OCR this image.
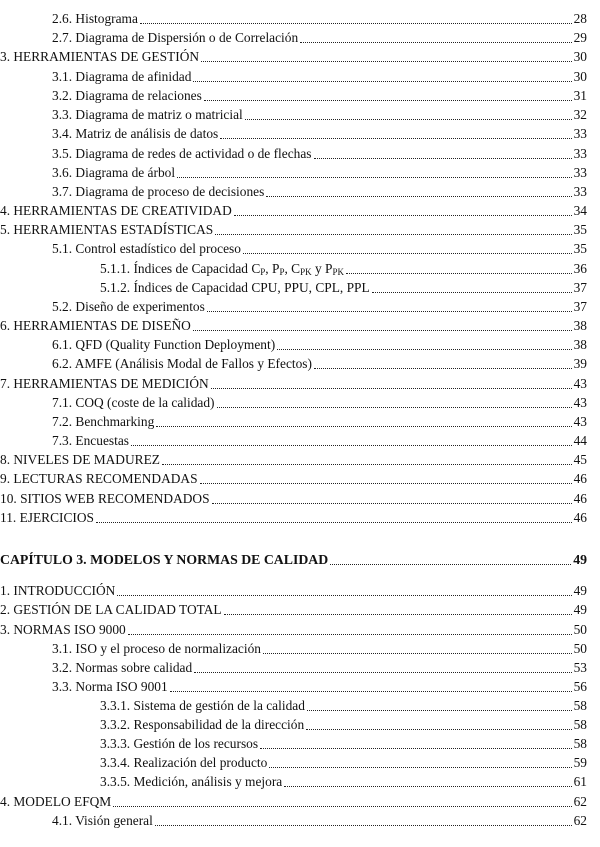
2.6. Histograma	28
2.7. Diagrama de Dispersión o de Correlación	29
3. HERRAMIENTAS DE GESTIÓN	30
3.1. Diagrama de afinidad	30
3.2. Diagrama de relaciones	31
3.3. Diagrama de matriz o matricial	32
3.4. Matriz de análisis de datos	33
3.5. Diagrama de redes de actividad o de flechas	33
3.6. Diagrama de árbol	33
3.7. Diagrama de proceso de decisiones	33
4. HERRAMIENTAS DE CREATIVIDAD	34
5. HERRAMIENTAS ESTADÍSTICAS	35
5.1. Control estadístico del proceso	35
5.1.1. Índices de Capacidad $C_P$, $P_P$, $C_{PK}$ y $P_{PK}$	36
5.1.2. Índices de Capacidad CPU, PPU, CPL, PPL	37
5.2. Diseño de experimentos	37
6. HERRAMIENTAS DE DISEÑO	38
6.1. QFD (Quality Function Deployment)	38
6.2. AMFE (Análisis Modal de Fallos y Efectos)	39
7. HERRAMIENTAS DE MEDICIÓN	43
7.1. COQ (coste de la calidad)	43
7.2. Benchmarking	43
7.3. Encuestas	44
8. NIVELES DE MADUREZ	45
9. LECTURAS RECOMENDADAS	46
10. SITIOS WEB RECOMENDADOS	46
11. EJERCICIOS	46
CAPÍTULO 3. MODELOS Y NORMAS DE CALIDAD	49
1. INTRODUCCIÓN	49
2. GESTIÓN DE LA CALIDAD TOTAL	49
3. NORMAS ISO 9000	50
3.1. ISO y el proceso de normalización	50
3.2. Normas sobre calidad	53
3.3. Norma ISO 9001	56
3.3.1. Sistema de gestión de la calidad	58
3.3.2. Responsabilidad de la dirección	58
3.3.3. Gestión de los recursos	58
3.3.4. Realización del producto	59
3.3.5. Medición, análisis y mejora	61
4. MODELO EFQM	62
4.1. Visión general	62
